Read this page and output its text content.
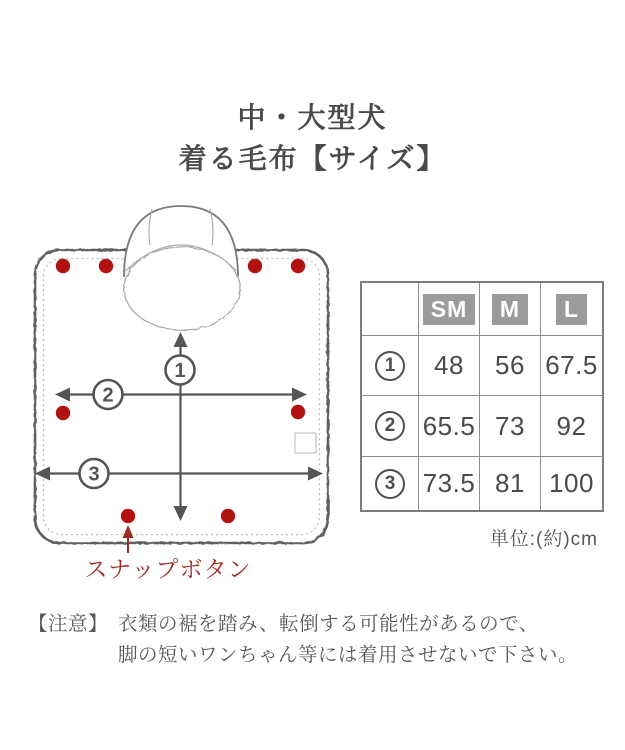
中・大型犬
着る毛布【サイズ】
1
2
3
スナップボタン
	SM	M	L
1	48	56	67.5
2	65.5	73	92
3	73.5	81	100
単位:(約)cm
【注意】 衣類の裾を踏み、転倒する可能性があるので、
脚の短いワンちゃん等には着用させないで下さい。
